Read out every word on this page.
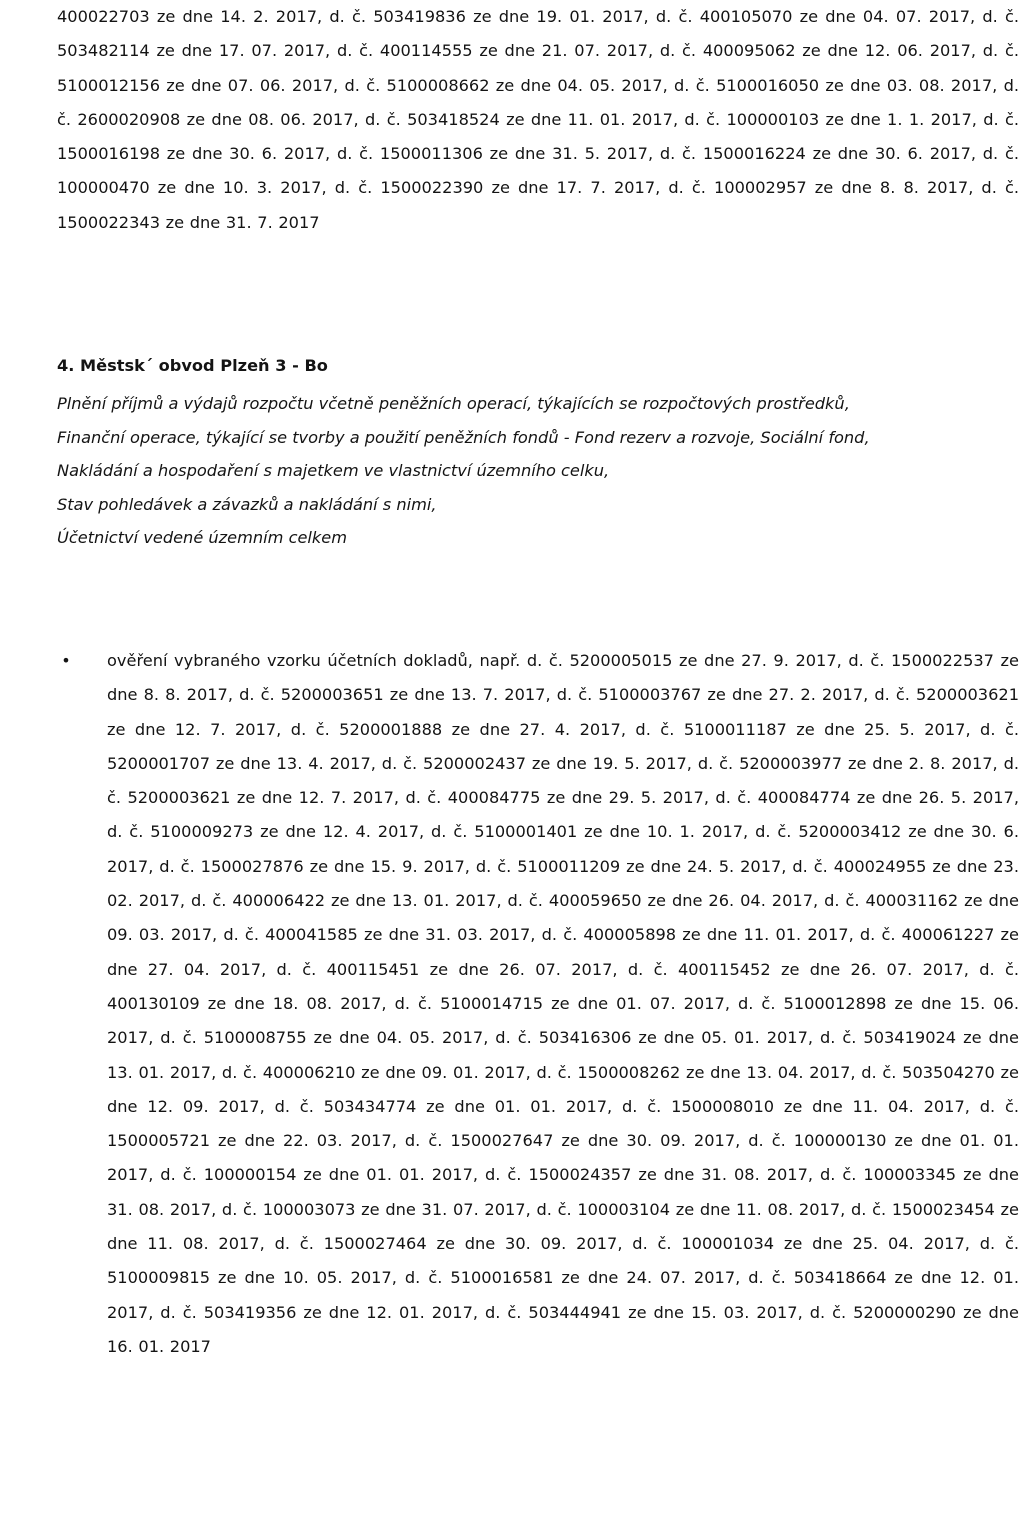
400022703 ze dne 14. 2. 2017, d. č. 503419836 ze dne 19. 01. 2017, d. č. 400105070 ze dne 04. 07. 2017, d. č. 503482114 ze dne 17. 07. 2017, d. č. 400114555 ze dne 21. 07. 2017, d. č. 400095062 ze dne 12. 06. 2017, d. č. 5100012156 ze dne 07. 06. 2017, d. č. 5100008662 ze dne 04. 05. 2017, d. č. 5100016050 ze dne 03. 08. 2017, d. č. 2600020908 ze dne 08. 06. 2017, d. č. 503418524 ze dne 11. 01. 2017, d. č. 100000103 ze dne 1. 1. 2017, d. č. 1500016198 ze dne 30. 6. 2017, d. č. 1500011306 ze dne 31. 5. 2017, d. č. 1500016224 ze dne 30. 6. 2017, d. č. 100000470 ze dne 10. 3. 2017, d. č. 1500022390 ze dne 17. 7. 2017, d. č. 100002957 ze dne 8. 8. 2017, d. č. 1500022343 ze dne 31. 7. 2017

4. Městsk´ obvod Plzeň 3 - Bo

Plnění příjmů a výdajů rozpočtu včetně peněžních operací, týkajících se rozpočtových prostředků,

Finanční operace, týkající se tvorby a použití peněžních fondů - Fond rezerv a rozvoje, Sociální fond,

Nakládání a hospodaření s majetkem ve vlastnictví územního celku,

Stav pohledávek a závazků a nakládání s nimi,

Účetnictví vedené územním celkem

• ověření vybraného vzorku účetních dokladů, např. d. č. 5200005015 ze dne 27. 9. 2017, d. č. 1500022537 ze dne 8. 8. 2017, d. č. 5200003651 ze dne 13. 7. 2017, d. č. 5100003767 ze dne 27. 2. 2017, d. č. 5200003621 ze dne 12. 7. 2017, d. č. 5200001888 ze dne 27. 4. 2017, d. č. 5100011187 ze dne 25. 5. 2017, d. č. 5200001707 ze dne 13. 4. 2017, d. č. 5200002437 ze dne 19. 5. 2017, d. č. 5200003977 ze dne 2. 8. 2017, d. č. 5200003621 ze dne 12. 7. 2017, d. č. 400084775 ze dne 29. 5. 2017, d. č. 400084774 ze dne 26. 5. 2017, d. č. 5100009273 ze dne 12. 4. 2017, d. č. 5100001401 ze dne 10. 1. 2017, d. č. 5200003412 ze dne 30. 6. 2017, d. č. 1500027876 ze dne 15. 9. 2017, d. č. 5100011209 ze dne 24. 5. 2017, d. č. 400024955 ze dne 23. 02. 2017, d. č. 400006422 ze dne 13. 01. 2017, d. č. 400059650 ze dne 26. 04. 2017, d. č. 400031162 ze dne 09. 03. 2017, d. č. 400041585 ze dne 31. 03. 2017, d. č. 400005898 ze dne 11. 01. 2017, d. č. 400061227 ze dne 27. 04. 2017, d. č. 400115451 ze dne 26. 07. 2017, d. č. 400115452 ze dne 26. 07. 2017, d. č. 400130109 ze dne 18. 08. 2017, d. č. 5100014715 ze dne 01. 07. 2017, d. č. 5100012898 ze dne 15. 06. 2017, d. č. 5100008755 ze dne 04. 05. 2017, d. č. 503416306 ze dne 05. 01. 2017, d. č. 503419024 ze dne 13. 01. 2017, d. č. 400006210 ze dne 09. 01. 2017, d. č. 1500008262 ze dne 13. 04. 2017, d. č. 503504270 ze dne 12. 09. 2017, d. č. 503434774 ze dne 01. 01. 2017, d. č. 1500008010 ze dne 11. 04. 2017, d. č. 1500005721 ze dne 22. 03. 2017, d. č. 1500027647 ze dne 30. 09. 2017, d. č. 100000130 ze dne 01. 01. 2017, d. č. 100000154 ze dne 01. 01. 2017, d. č. 1500024357 ze dne 31. 08. 2017, d. č. 100003345 ze dne 31. 08. 2017, d. č. 100003073 ze dne 31. 07. 2017, d. č. 100003104 ze dne 11. 08. 2017, d. č. 1500023454 ze dne 11. 08. 2017, d. č. 1500027464 ze dne 30. 09. 2017, d. č. 100001034 ze dne 25. 04. 2017, d. č. 5100009815 ze dne 10. 05. 2017, d. č. 5100016581 ze dne 24. 07. 2017, d. č. 503418664 ze dne 12. 01. 2017, d. č. 503419356 ze dne 12. 01. 2017, d. č. 503444941 ze dne 15. 03. 2017, d. č. 5200000290 ze dne 16. 01. 2017
